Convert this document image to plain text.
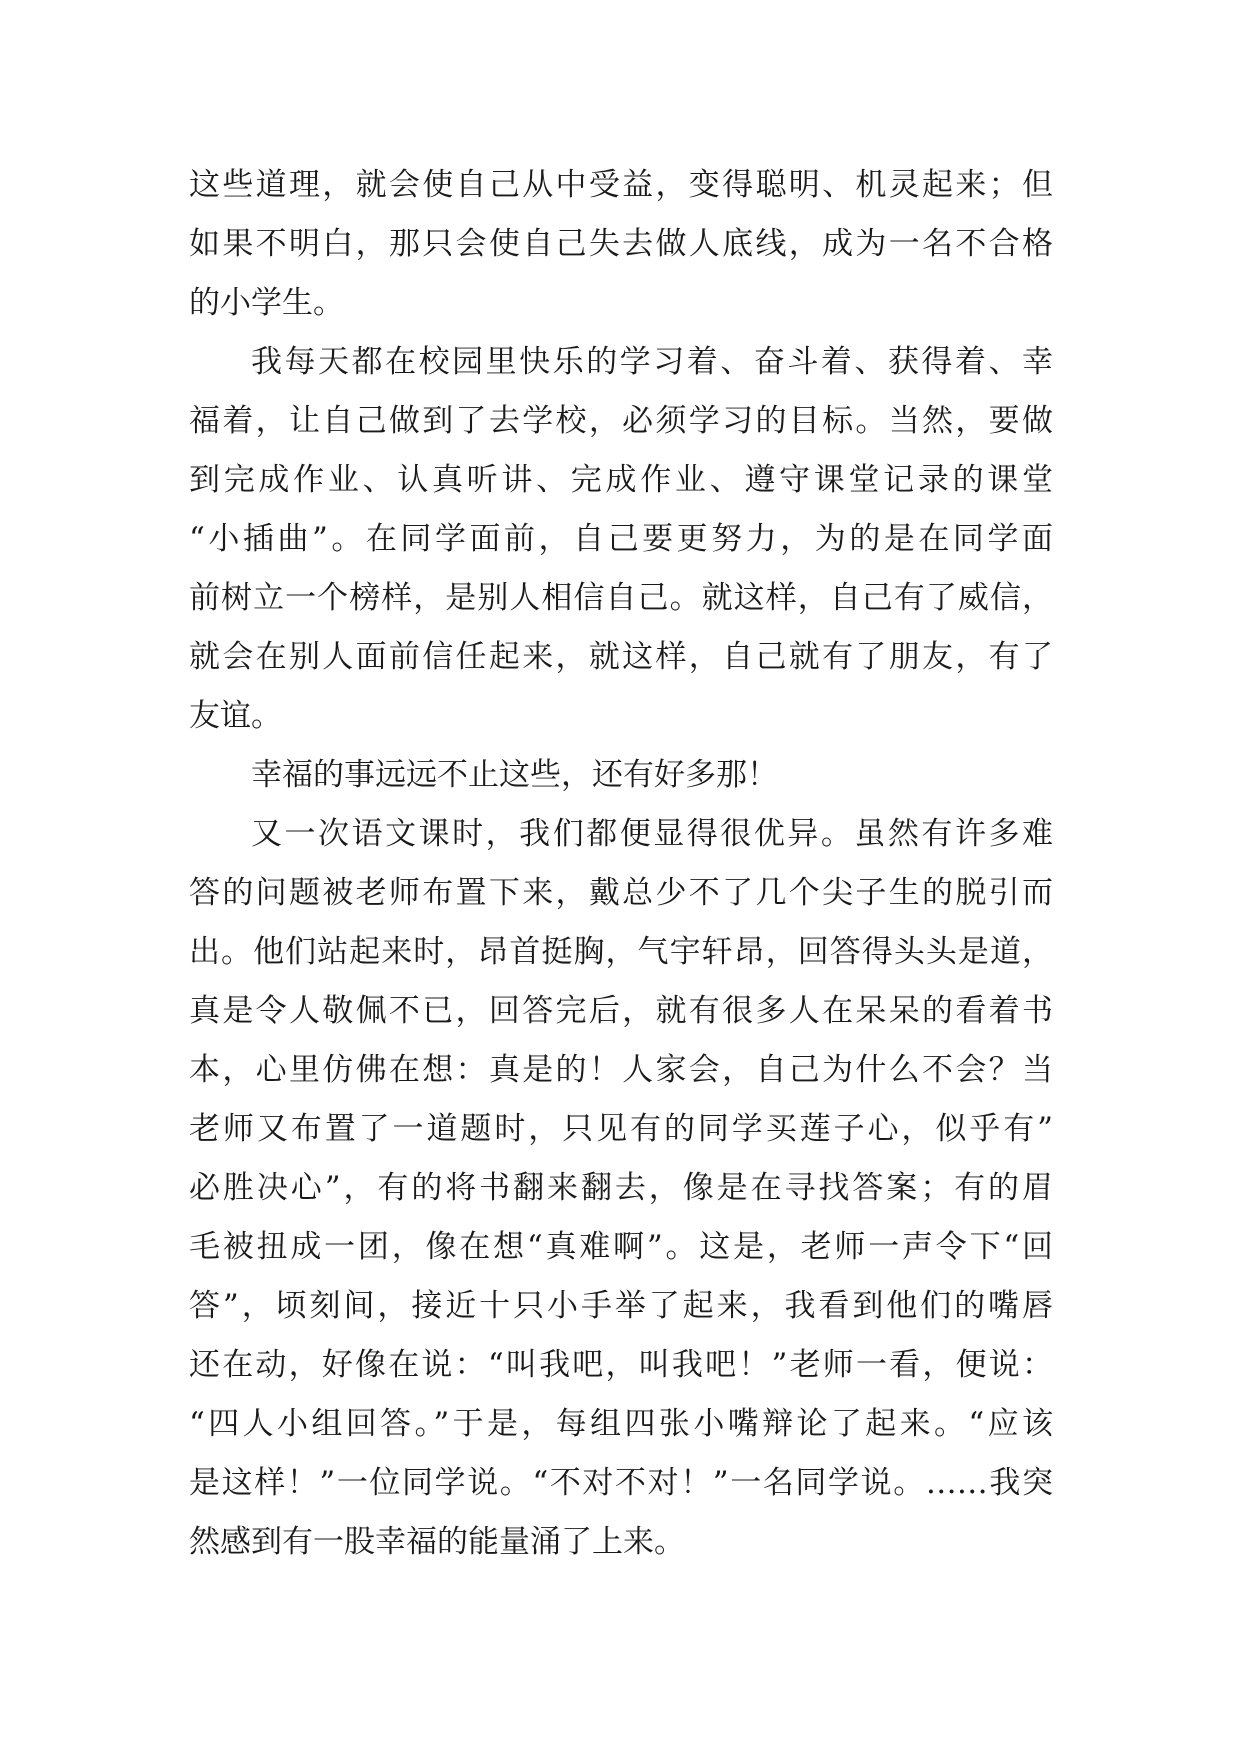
这些道理，就会使自己从中受益，变得聪明、机灵起来；但
如果不明白，那只会使自己失去做人底线，成为一名不合格
的小学生。
我每天都在校园里快乐的学习着、奋斗着、获得着、幸
福着，让自己做到了去学校，必须学习的目标。当然，要做
到完成作业、认真听讲、完成作业、遵守课堂记录的课堂
“小插曲”。在同学面前，自己要更努力，为的是在同学面
前树立一个榜样，是别人相信自己。就这样，自己有了威信，
就会在别人面前信任起来，就这样，自己就有了朋友，有了
友谊。
幸福的事远远不止这些，还有好多那！
又一次语文课时，我们都便显得很优异。虽然有许多难
答的问题被老师布置下来，戴总少不了几个尖子生的脱引而
出。他们站起来时，昂首挺胸，气宇轩昂，回答得头头是道，
真是令人敬佩不已，回答完后，就有很多人在呆呆的看着书
本，心里仿佛在想：真是的！人家会，自己为什么不会？当
老师又布置了一道题时，只见有的同学买莲子心，似乎有”
必胜决心”，有的将书翻来翻去，像是在寻找答案；有的眉
毛被扭成一团，像在想“真难啊”。这是，老师一声令下“回
答”，顷刻间，接近十只小手举了起来，我看到他们的嘴唇
还在动，好像在说：“叫我吧，叫我吧！”老师一看，便说：
“四人小组回答。”于是，每组四张小嘴辩论了起来。“应该
是这样！”一位同学说。“不对不对！”一名同学说。……我突
然感到有一股幸福的能量涌了上来。
